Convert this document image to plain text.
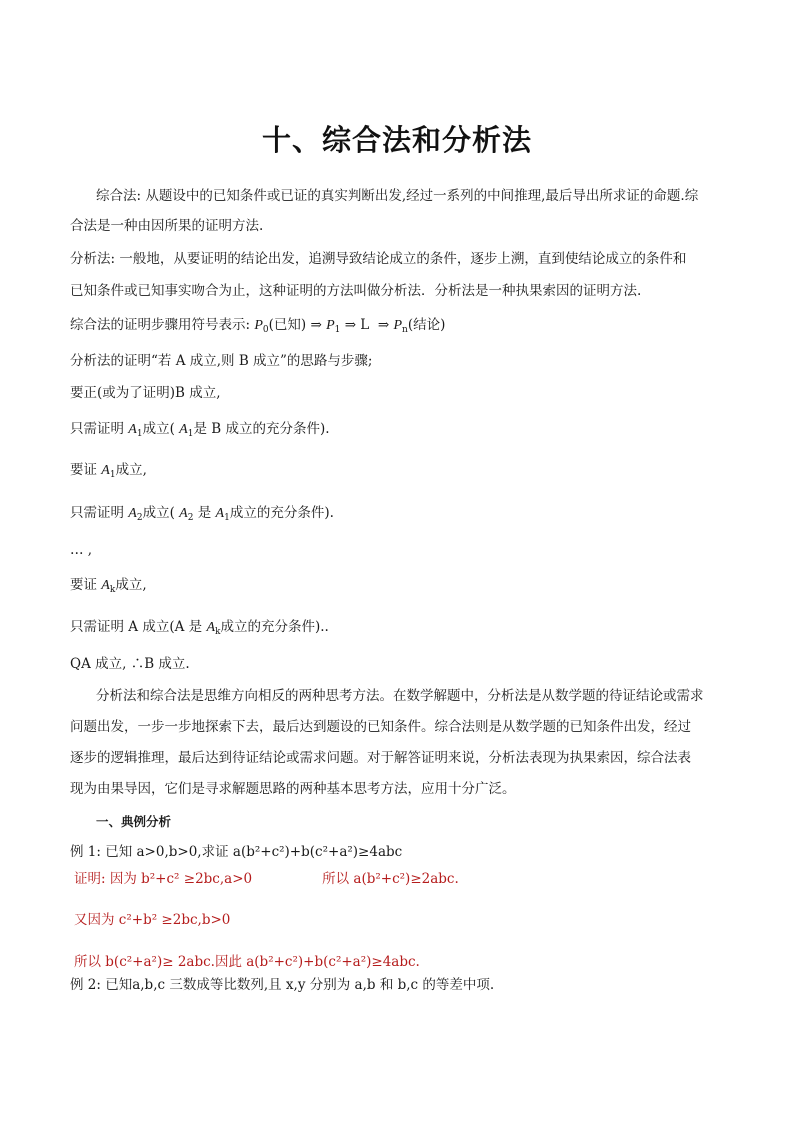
十、综合法和分析法
综合法: 从题设中的已知条件或已证的真实判断出发,经过一系列的中间推理,最后导出所求证的命题.综
合法是一种由因所果的证明方法.
分析法: 一般地，从要证明的结论出发，追溯导致结论成立的条件，逐步上溯，直到使结论成立的条件和
已知条件或已知事实吻合为止，这种证明的方法叫做分析法．分析法是一种执果索因的证明方法.
综合法的证明步骤用符号表示: $P_0$(已知) ⇒ $P_1$ ⇒ L ⇒ $P_n$(结论)
分析法的证明“若 A 成立,则 B 成立”的思路与步骤;
要正(或为了证明)B 成立,
只需证明 $A_1$成立( $A_1$是 B 成立的充分条件).
要证 $A_1$成立,
只需证明 $A_2$成立( $A_2$ 是 $A_1$成立的充分条件).
… ,
要证 $A_k$成立,
只需证明 A 成立(A 是 $A_k$成立的充分条件)..
QA 成立, ∴B 成立.
分析法和综合法是思维方向相反的两种思考方法。在数学解题中，分析法是从数学题的待证结论或需求
问题出发，一步一步地探索下去，最后达到题设的已知条件。综合法则是从数学题的已知条件出发，经过
逐步的逻辑推理，最后达到待证结论或需求问题。对于解答证明来说，分析法表现为执果索因，综合法表
现为由果导因，它们是寻求解题思路的两种基本思考方法，应用十分广泛。
一、典例分析
例 1: 已知 a>0,b>0,求证 a(b²+c²)+b(c²+a²)≥4abc
证明: 因为 b²+c² ≥2bc,a>0	所以 a(b²+c²)≥2abc.
又因为 c²+b² ≥2bc,b>0
所以 b(c²+a²)≥ 2abc.因此 a(b²+c²)+b(c²+a²)≥4abc.
例 2: 已知a,b,c 三数成等比数列,且 x,y 分别为 a,b 和 b,c 的等差中项.
